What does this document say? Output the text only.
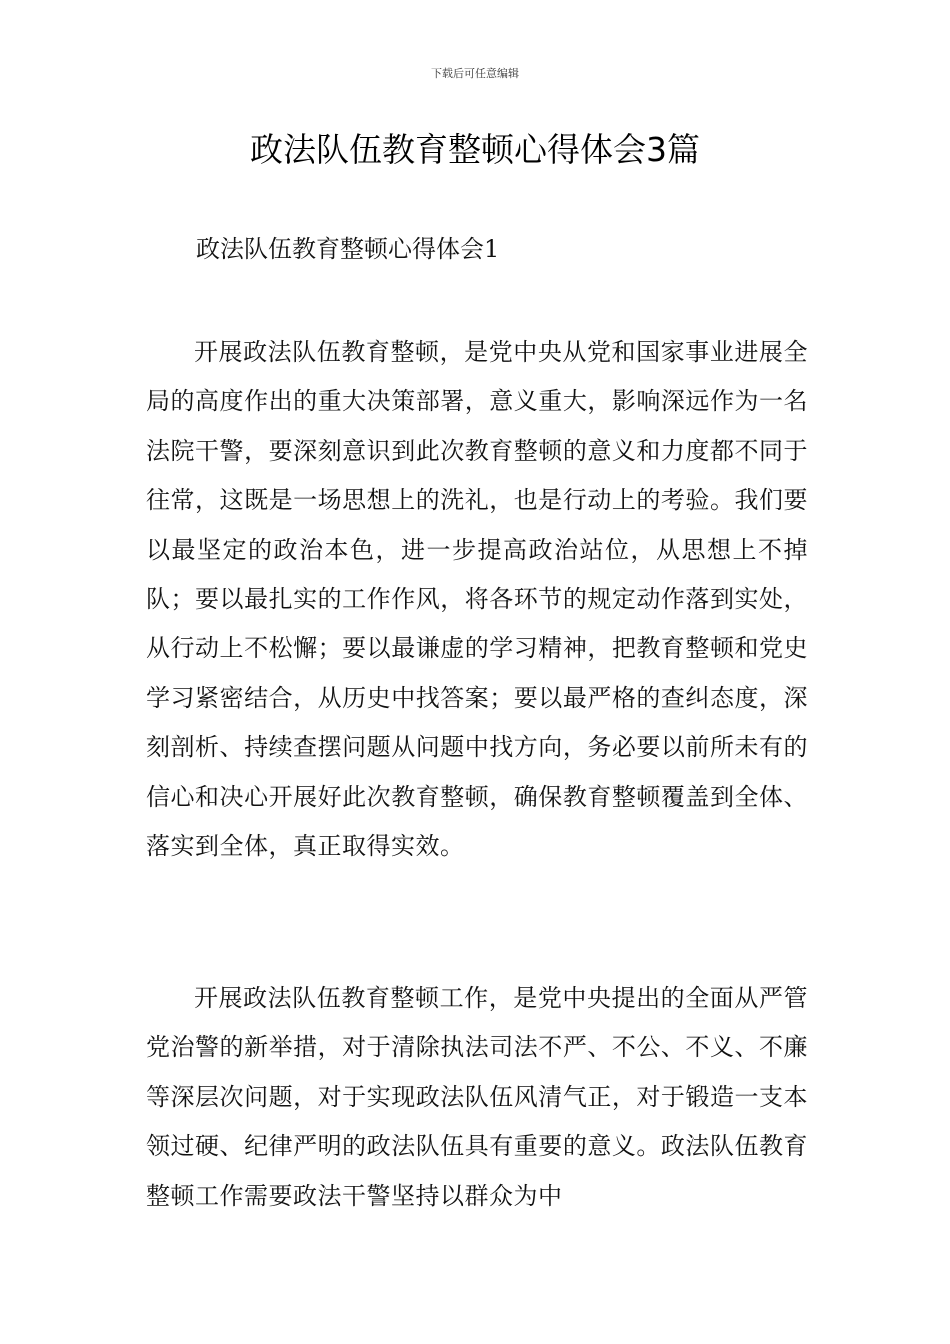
下载后可任意编辑
政法队伍教育整顿心得体会3篇
政法队伍教育整顿心得体会1

开展政法队伍教育整顿，是党中央从党和国家事业进展全局的高度作出的重大决策部署，意义重大，影响深远作为一名法院干警，要深刻意识到此次教育整顿的意义和力度都不同于往常，这既是一场思想上的洗礼，也是行动上的考验。我们要以最坚定的政治本色，进一步提高政治站位，从思想上不掉队；要以最扎实的工作作风，将各环节的规定动作落到实处，从行动上不松懈；要以最谦虚的学习精神，把教育整顿和党史学习紧密结合，从历史中找答案；要以最严格的查纠态度，深刻剖析、持续查摆问题从问题中找方向，务必要以前所未有的信心和决心开展好此次教育整顿，确保教育整顿覆盖到全体、落实到全体，真正取得实效。

开展政法队伍教育整顿工作，是党中央提出的全面从严管党治警的新举措，对于清除执法司法不严、不公、不义、不廉等深层次问题，对于实现政法队伍风清气正，对于锻造一支本领过硬、纪律严明的政法队伍具有重要的意义。政法队伍教育整顿工作需要政法干警坚持以群众为中
